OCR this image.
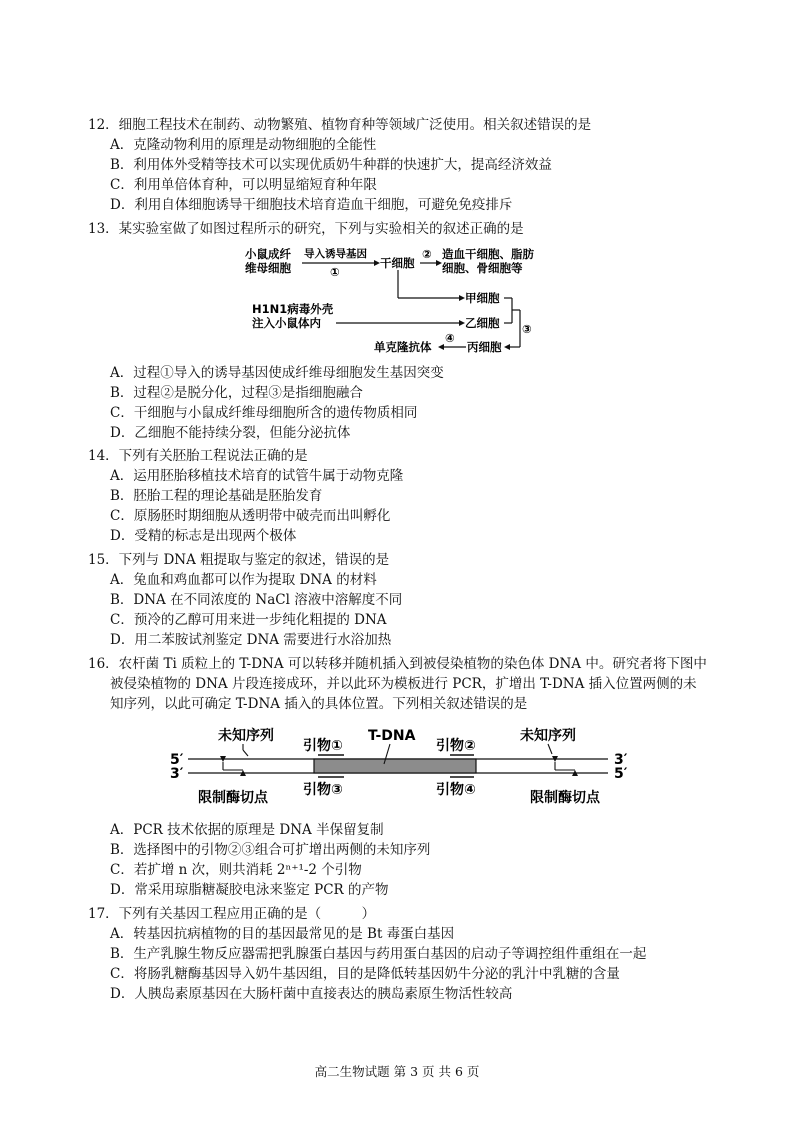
12．细胞工程技术在制药、动物繁殖、植物育种等领域广泛使用。相关叙述错误的是
A．克隆动物利用的原理是动物细胞的全能性
B．利用体外受精等技术可以实现优质奶牛种群的快速扩大，提高经济效益
C．利用单倍体育种，可以明显缩短育种年限
D．利用自体细胞诱导干细胞技术培育造血干细胞，可避免免疫排斥
13．某实验室做了如图过程所示的研究，下列与实验相关的叙述正确的是
小鼠成纤
维母细胞
导入诱导基因
①
干细胞
② 造血干细胞、脂肪
细胞、骨细胞等
甲细胞
H1N1病毒外壳
注入小鼠体内	乙细胞 ③
丙细胞
④
单克隆抗体
A．过程①导入的诱导基因使成纤维母细胞发生基因突变
B．过程②是脱分化，过程③是指细胞融合
C．干细胞与小鼠成纤维母细胞所含的遗传物质相同
D．乙细胞不能持续分裂，但能分泌抗体
14．下列有关胚胎工程说法正确的是
A．运用胚胎移植技术培育的试管牛属于动物克隆
B．胚胎工程的理论基础是胚胎发育
C．原肠胚时期细胞从透明带中破壳而出叫孵化
D．受精的标志是出现两个极体
15．下列与 DNA 粗提取与鉴定的叙述，错误的是
A．兔血和鸡血都可以作为提取 DNA 的材料
B．DNA 在不同浓度的 NaCl 溶液中溶解度不同
C．预冷的乙醇可用来进一步纯化粗提的 DNA
D．用二苯胺试剂鉴定 DNA 需要进行水浴加热
16．农杆菌 Ti 质粒上的 T-DNA 可以转移并随机插入到被侵染植物的染色体 DNA 中。研究者将下图中
被侵染植物的 DNA 片段连接成环，并以此环为模板进行 PCR，扩增出 T-DNA 插入位置两侧的未
知序列，以此可确定 T-DNA 插入的具体位置。下列相关叙述错误的是
未知序列
引物①
T-DNA
引物②
未知序列
5′
3′
3′
5′
引物③	引物④
限制酶切点	限制酶切点
A．PCR 技术依据的原理是 DNA 半保留复制
B．选择图中的引物②③组合可扩增出两侧的未知序列
C．若扩增 n 次，则共消耗 2ⁿ⁺¹-2 个引物
D．常采用琼脂糖凝胶电泳来鉴定 PCR 的产物
17．下列有关基因工程应用正确的是（　　　）
A．转基因抗病植物的目的基因最常见的是 Bt 毒蛋白基因
B．生产乳腺生物反应器需把乳腺蛋白基因与药用蛋白基因的启动子等调控组件重组在一起
C．将肠乳糖酶基因导入奶牛基因组，目的是降低转基因奶牛分泌的乳汁中乳糖的含量
D．人胰岛素原基因在大肠杆菌中直接表达的胰岛素原生物活性较高
高二生物试题 第 3 页 共 6 页
